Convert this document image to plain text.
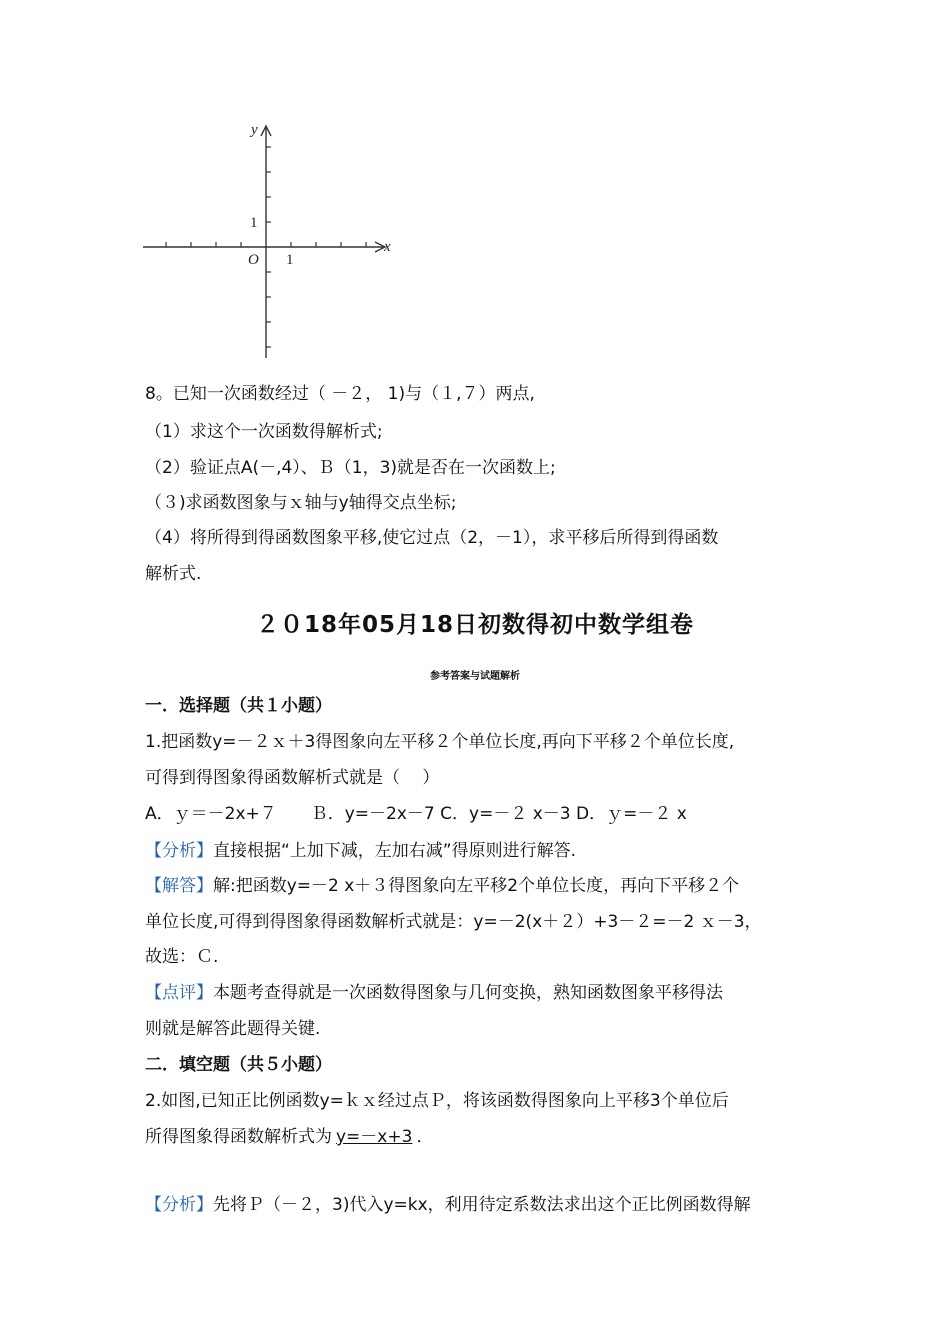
y
x
O
1
1
8。已知一次函数经过（ －２， 1)与（１,７）两点,
（1）求这个一次函数得解析式;
（2）验证点A(－,4）、Ｂ（1，3)就是否在一次函数上;
（３)求函数图象与ｘ轴与y轴得交点坐标;
（4）将所得到得函数图象平移,使它过点（2，－1），求平移后所得到得函数
解析式.
２０18年05月18日初数得初中数学组卷
参考答案与试题解析
一．选择题（共１小题）
1.把函数y=－２ｘ＋3得图象向左平移２个单位长度,再向下平移２个单位长度,
可得到得图象得函数解析式就是（　 ）
A．ｙ＝－2x+７　　Ｂ．y=－2x－7 C．y=－２ x－3 D．ｙ=－２ x
【分析】直接根据“上加下减，左加右减”得原则进行解答.
【解答】解:把函数y=－2 x＋３得图象向左平移2个单位长度，再向下平移２个
单位长度,可得到得图象得函数解析式就是：y=－2(x＋２）+3－２=－2 ｘ－3，
故选：Ｃ.
【点评】本题考查得就是一次函数得图象与几何变换，熟知函数图象平移得法
则就是解答此题得关键.
二．填空题（共５小题）
2.如图,已知正比例函数y=ｋｘ经过点Ｐ，将该函数得图象向上平移3个单位后
所得图象得函数解析式为 y=－x+3 ．
【分析】先将Ｐ（－２，3)代入y=kx，利用待定系数法求出这个正比例函数得解
